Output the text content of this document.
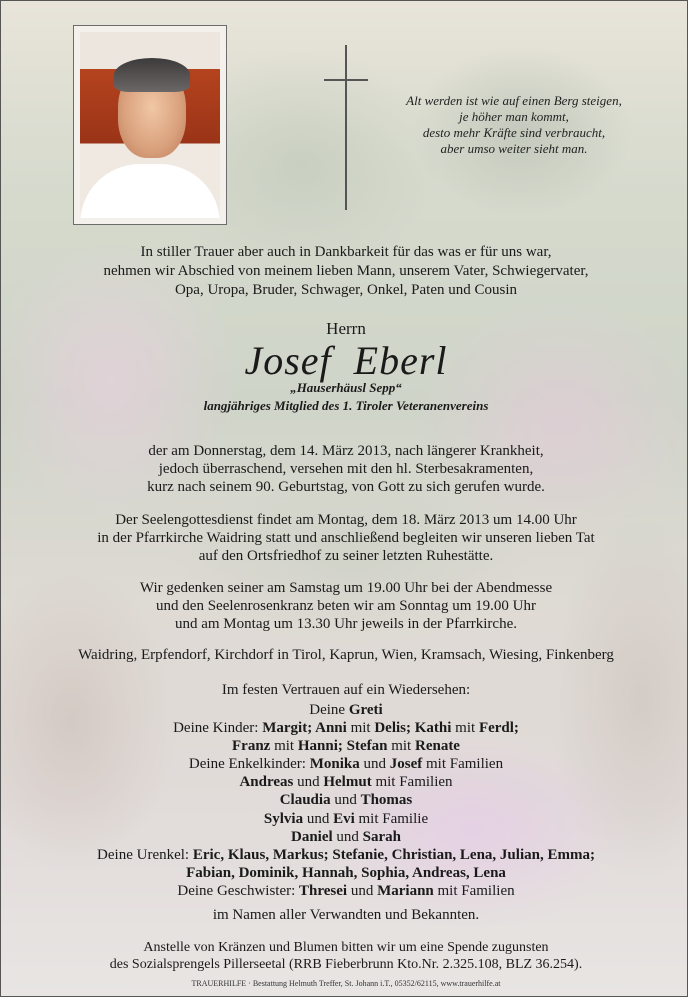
Alt werden ist wie auf einen Berg steigen,
je höher man kommt,
desto mehr Kräfte sind verbraucht,
aber umso weiter sieht man.
In stiller Trauer aber auch in Dankbarkeit für das was er für uns war,
nehmen wir Abschied von meinem lieben Mann, unserem Vater, Schwiegervater,
Opa, Uropa, Bruder, Schwager, Onkel, Paten und Cousin
Herrn
Josef  Eberl
„Hauserhäusl Sepp“
langjähriges Mitglied des 1. Tiroler Veteranenvereins
der am Donnerstag, dem 14. März 2013, nach längerer Krankheit,
jedoch überraschend, versehen mit den hl. Sterbesakramenten,
kurz nach seinem 90. Geburtstag, von Gott zu sich gerufen wurde.
Der Seelengottesdienst findet am Montag, dem 18. März 2013 um 14.00 Uhr
in der Pfarrkirche Waidring statt und anschließend begleiten wir unseren lieben Tat
auf den Ortsfriedhof zu seiner letzten Ruhestätte.
Wir gedenken seiner am Samstag um 19.00 Uhr bei der Abendmesse
und den Seelenrosenkranz beten wir am Sonntag um 19.00 Uhr
und am Montag um 13.30 Uhr jeweils in der Pfarrkirche.
Waidring, Erpfendorf, Kirchdorf in Tirol, Kaprun, Wien, Kramsach, Wiesing, Finkenberg
Im festen Vertrauen auf ein Wiedersehen:
Deine Greti
Deine Kinder: Margit; Anni mit Delis; Kathi mit Ferdl;
Franz mit Hanni; Stefan mit Renate
Deine Enkelkinder: Monika und Josef mit Familien
Andreas und Helmut mit Familien
Claudia und Thomas
Sylvia und Evi mit Familie
Daniel und Sarah
Deine Urenkel: Eric, Klaus, Markus; Stefanie, Christian, Lena, Julian, Emma;
Fabian, Dominik, Hannah, Sophia, Andreas, Lena
Deine Geschwister: Thresei und Mariann mit Familien
im Namen aller Verwandten und Bekannten.
Anstelle von Kränzen und Blumen bitten wir um eine Spende zugunsten
des Sozialsprengels Pillerseetal (RRB Fieberbrunn Kto.Nr. 2.325.108, BLZ 36.254).
TRAUERHILFE · Bestattung Helmuth Treffer, St. Johann i.T., 05352/62115, www.trauerhilfe.at
